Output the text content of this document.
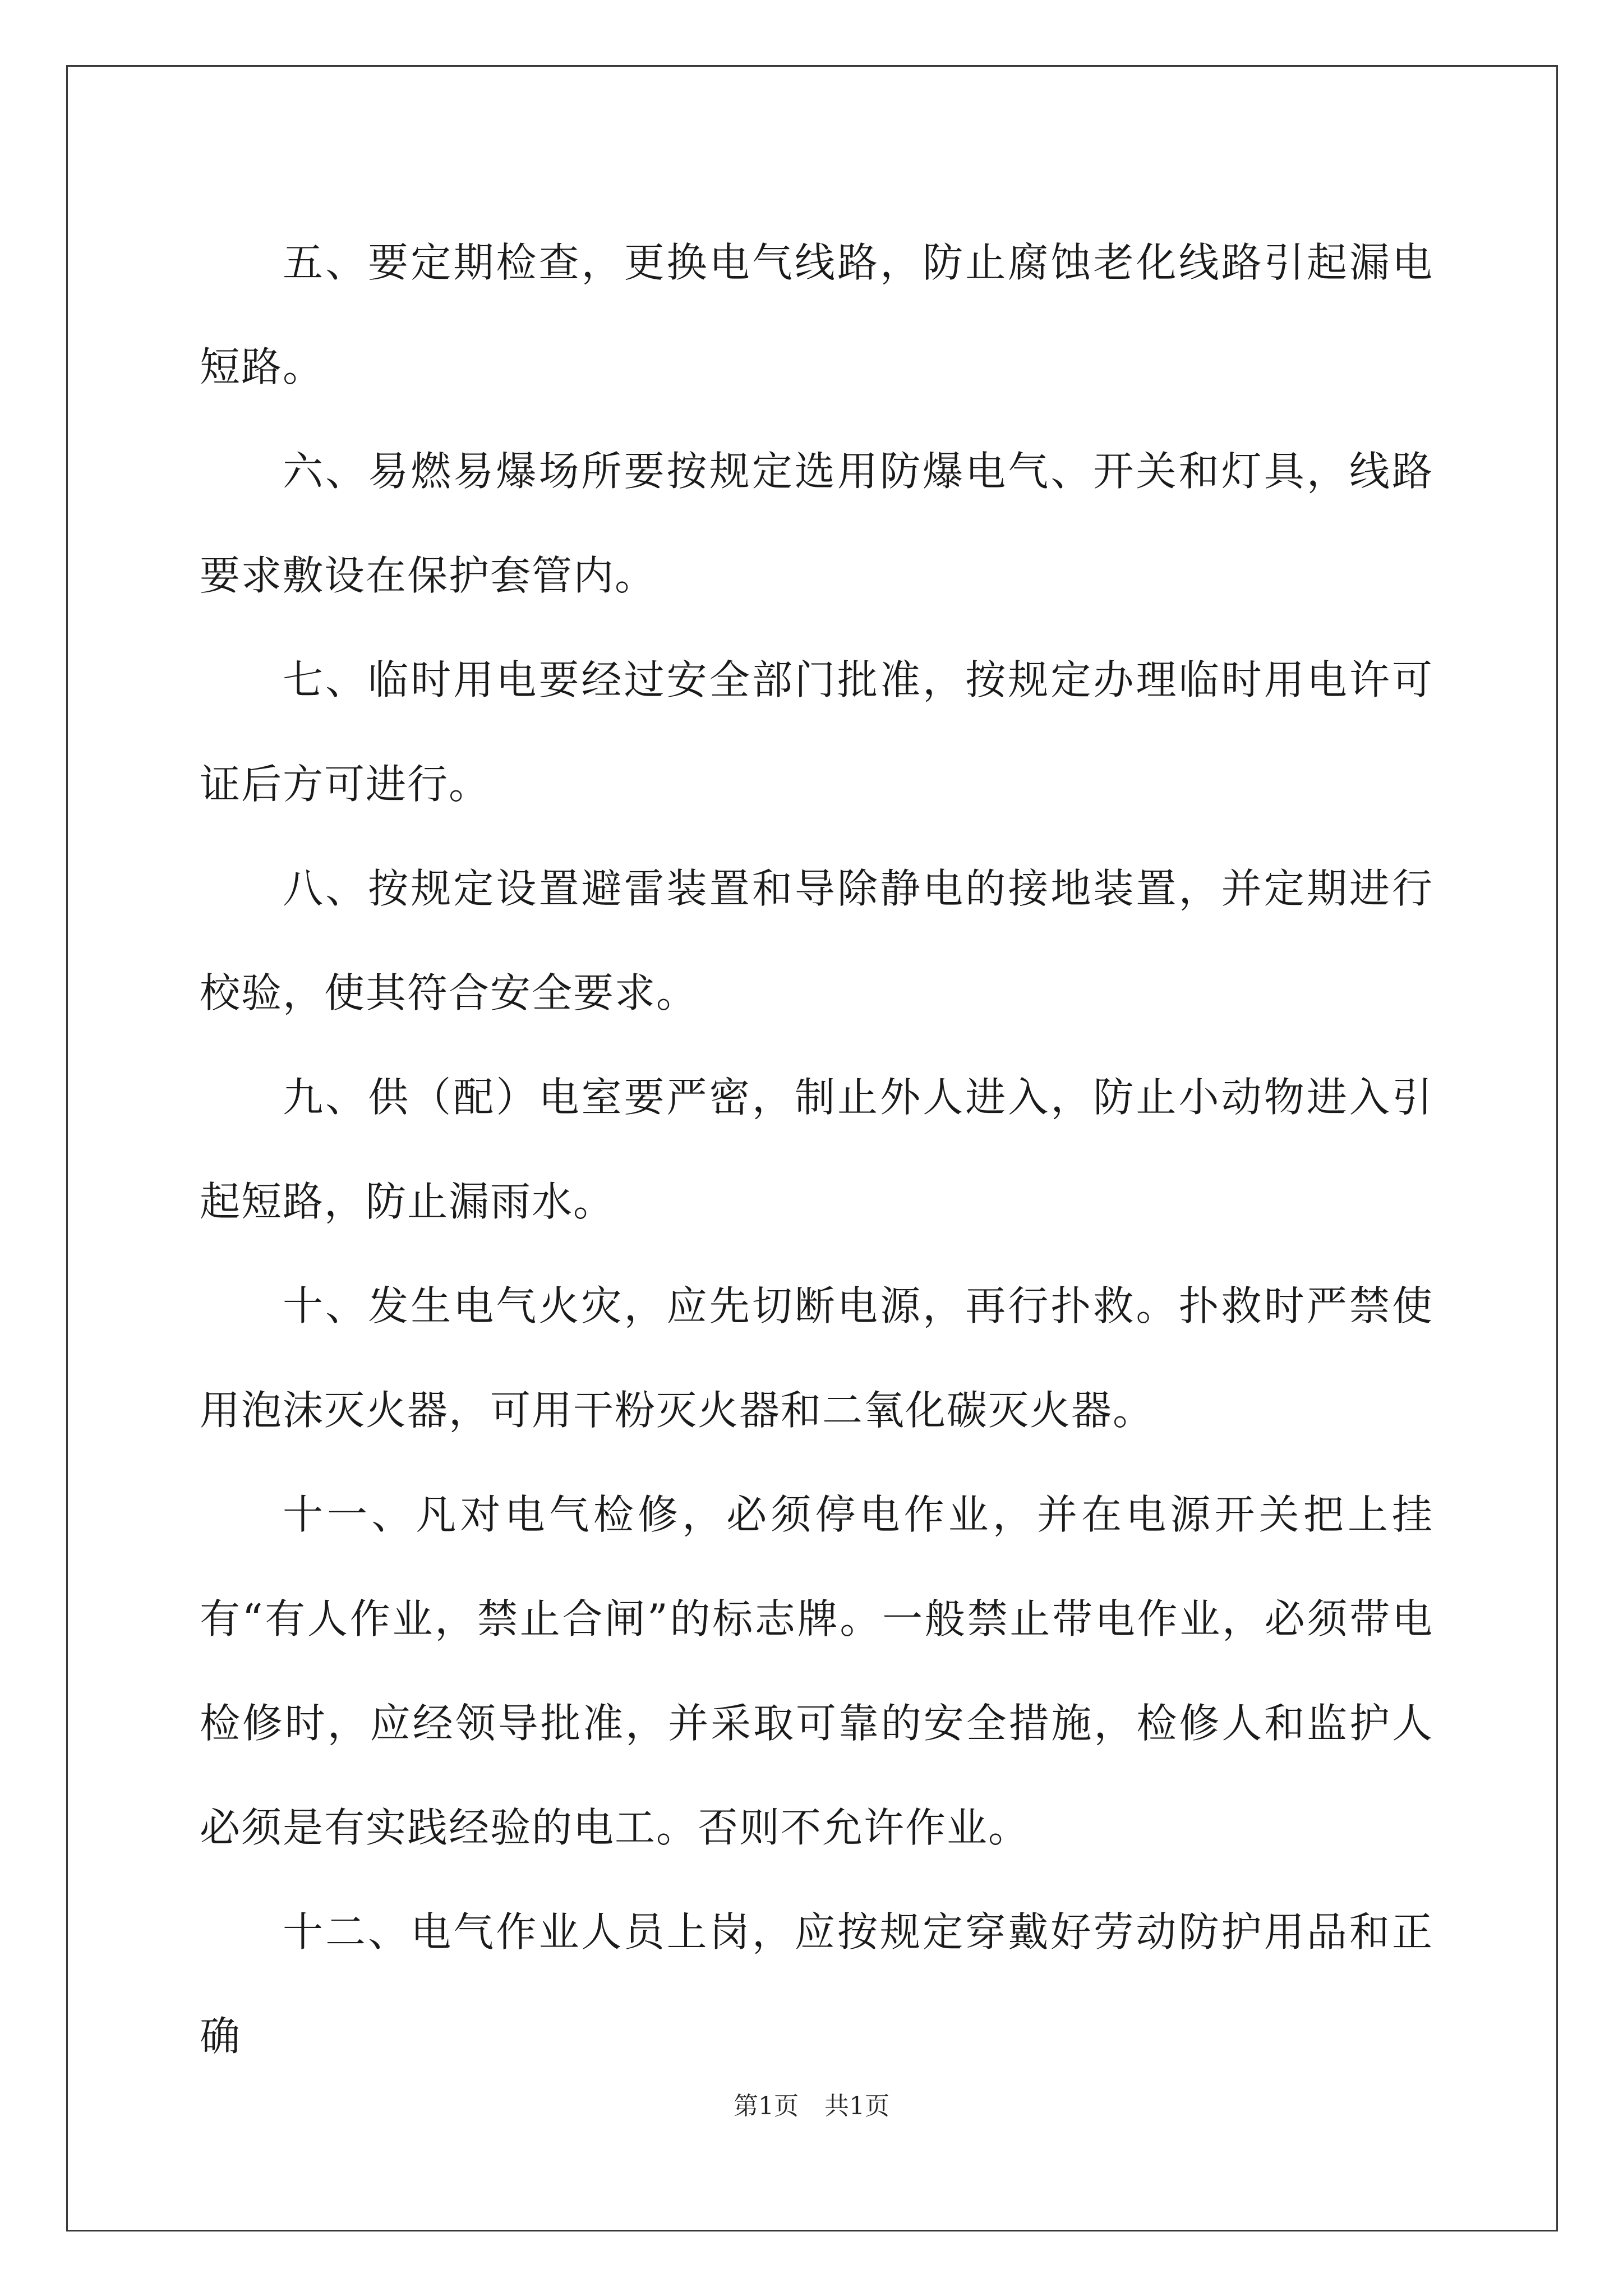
五、要定期检查，更换电气线路，防止腐蚀老化线路引起漏电短路。

六、易燃易爆场所要按规定选用防爆电气、开关和灯具，线路要求敷设在保护套管内。

七、临时用电要经过安全部门批准，按规定办理临时用电许可证后方可进行。

八、按规定设置避雷装置和导除静电的接地装置，并定期进行校验，使其符合安全要求。

九、供（配）电室要严密，制止外人进入，防止小动物进入引起短路，防止漏雨水。

十、发生电气火灾，应先切断电源，再行扑救。扑救时严禁使用泡沫灭火器，可用干粉灭火器和二氧化碳灭火器。

十一、凡对电气检修，必须停电作业，并在电源开关把上挂有“有人作业，禁止合闸”的标志牌。一般禁止带电作业，必须带电检修时，应经领导批准，并采取可靠的安全措施，检修人和监护人必须是有实践经验的电工。否则不允许作业。

十二、电气作业人员上岗，应按规定穿戴好劳动防护用品和正确

第1页 共1页
